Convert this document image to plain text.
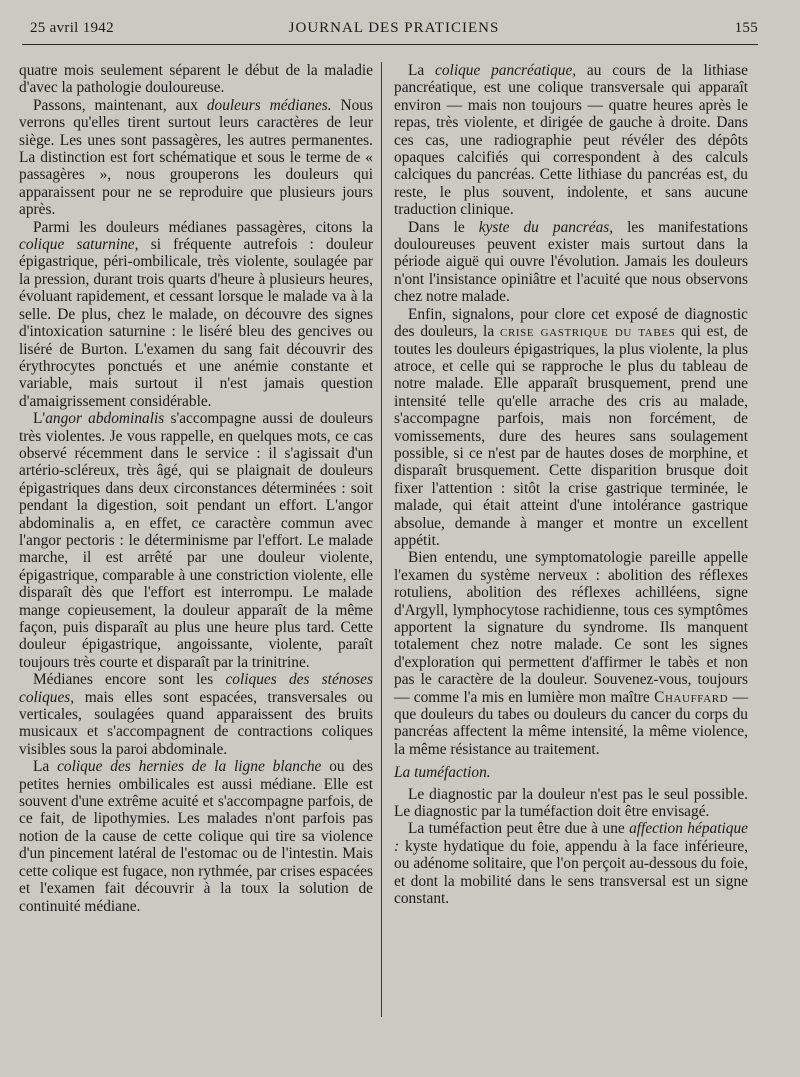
25 avril 1942	JOURNAL DES PRATICIENS	155

quatre mois seulement séparent le début de la maladie d'avec la pathologie douloureuse.

Passons, maintenant, aux douleurs médianes. Nous verrons qu'elles tirent surtout leurs caractères de leur siège. Les unes sont passagères, les autres permanentes. La distinction est fort schématique et sous le terme de « passagères », nous grouperons les douleurs qui apparaissent pour ne se reproduire que plusieurs jours après.

Parmi les douleurs médianes passagères, citons la colique saturnine, si fréquente autrefois : douleur épigastrique, péri-ombilicale, très violente, soulagée par la pression, durant trois quarts d'heure à plusieurs heures, évoluant rapidement, et cessant lorsque le malade va à la selle. De plus, chez le malade, on découvre des signes d'intoxication saturnine : le liséré bleu des gencives ou liséré de Burton. L'examen du sang fait découvrir des érythrocytes ponctués et une anémie constante et variable, mais surtout il n'est jamais question d'amaigrissement considérable.

L'angor abdominalis s'accompagne aussi de douleurs très violentes. Je vous rappelle, en quelques mots, ce cas observé récemment dans le service : il s'agissait d'un artério-scléreux, très âgé, qui se plaignait de douleurs épigastriques dans deux circonstances déterminées : soit pendant la digestion, soit pendant un effort. L'angor abdominalis a, en effet, ce caractère commun avec l'angor pectoris : le déterminisme par l'effort. Le malade marche, il est arrêté par une douleur violente, épigastrique, comparable à une constriction violente, elle disparaît dès que l'effort est interrompu. Le malade mange copieusement, la douleur apparaît de la même façon, puis disparaît au plus une heure plus tard. Cette douleur épigastrique, angoissante, violente, paraît toujours très courte et disparaît par la trinitrine.

Médianes encore sont les coliques des sténoses coliques, mais elles sont espacées, transversales ou verticales, soulagées quand apparaissent des bruits musicaux et s'accompagnent de contractions coliques visibles sous la paroi abdominale.

La colique des hernies de la ligne blanche ou des petites hernies ombilicales est aussi médiane. Elle est souvent d'une extrême acuité et s'accompagne parfois, de ce fait, de lipothymies. Les malades n'ont parfois pas notion de la cause de cette colique qui tire sa violence d'un pincement latéral de l'estomac ou de l'intestin. Mais cette colique est fugace, non rythmée, par crises espacées et l'examen fait découvrir à la toux la solution de continuité médiane.

La colique pancréatique, au cours de la lithiase pancréatique, est une colique transversale qui apparaît environ — mais non toujours — quatre heures après le repas, très violente, et dirigée de gauche à droite. Dans ces cas, une radiographie peut révéler des dépôts opaques calcifiés qui correspondent à des calculs calciques du pancréas. Cette lithiase du pancréas est, du reste, le plus souvent, indolente, et sans aucune traduction clinique.

Dans le kyste du pancréas, les manifestations douloureuses peuvent exister mais surtout dans la période aiguë qui ouvre l'évolution. Jamais les douleurs n'ont l'insistance opiniâtre et l'acuité que nous observons chez notre malade.

Enfin, signalons, pour clore cet exposé de diagnostic des douleurs, la crise gastrique du tabes qui est, de toutes les douleurs épigastriques, la plus violente, la plus atroce, et celle qui se rapproche le plus du tableau de notre malade. Elle apparaît brusquement, prend une intensité telle qu'elle arrache des cris au malade, s'accompagne parfois, mais non forcément, de vomissements, dure des heures sans soulagement possible, si ce n'est par de hautes doses de morphine, et disparaît brusquement. Cette disparition brusque doit fixer l'attention : sitôt la crise gastrique terminée, le malade, qui était atteint d'une intolérance gastrique absolue, demande à manger et montre un excellent appétit.

Bien entendu, une symptomatologie pareille appelle l'examen du système nerveux : abolition des réflexes rotuliens, abolition des réflexes achilléens, signe d'Argyll, lymphocytose rachidienne, tous ces symptômes apportent la signature du syndrome. Ils manquent totalement chez notre malade. Ce sont les signes d'exploration qui permettent d'affirmer le tabès et non pas le caractère de la douleur. Souvenez-vous, toujours — comme l'a mis en lumière mon maître Chauffard — que douleurs du tabes ou douleurs du cancer du corps du pancréas affectent la même intensité, la même violence, la même résistance au traitement.

La tuméfaction.

Le diagnostic par la douleur n'est pas le seul possible. Le diagnostic par la tuméfaction doit être envisagé.

La tuméfaction peut être due à une affection hépatique : kyste hydatique du foie, appendu à la face inférieure, ou adénome solitaire, que l'on perçoit au-dessous du foie, et dont la mobilité dans le sens transversal est un signe constant.
